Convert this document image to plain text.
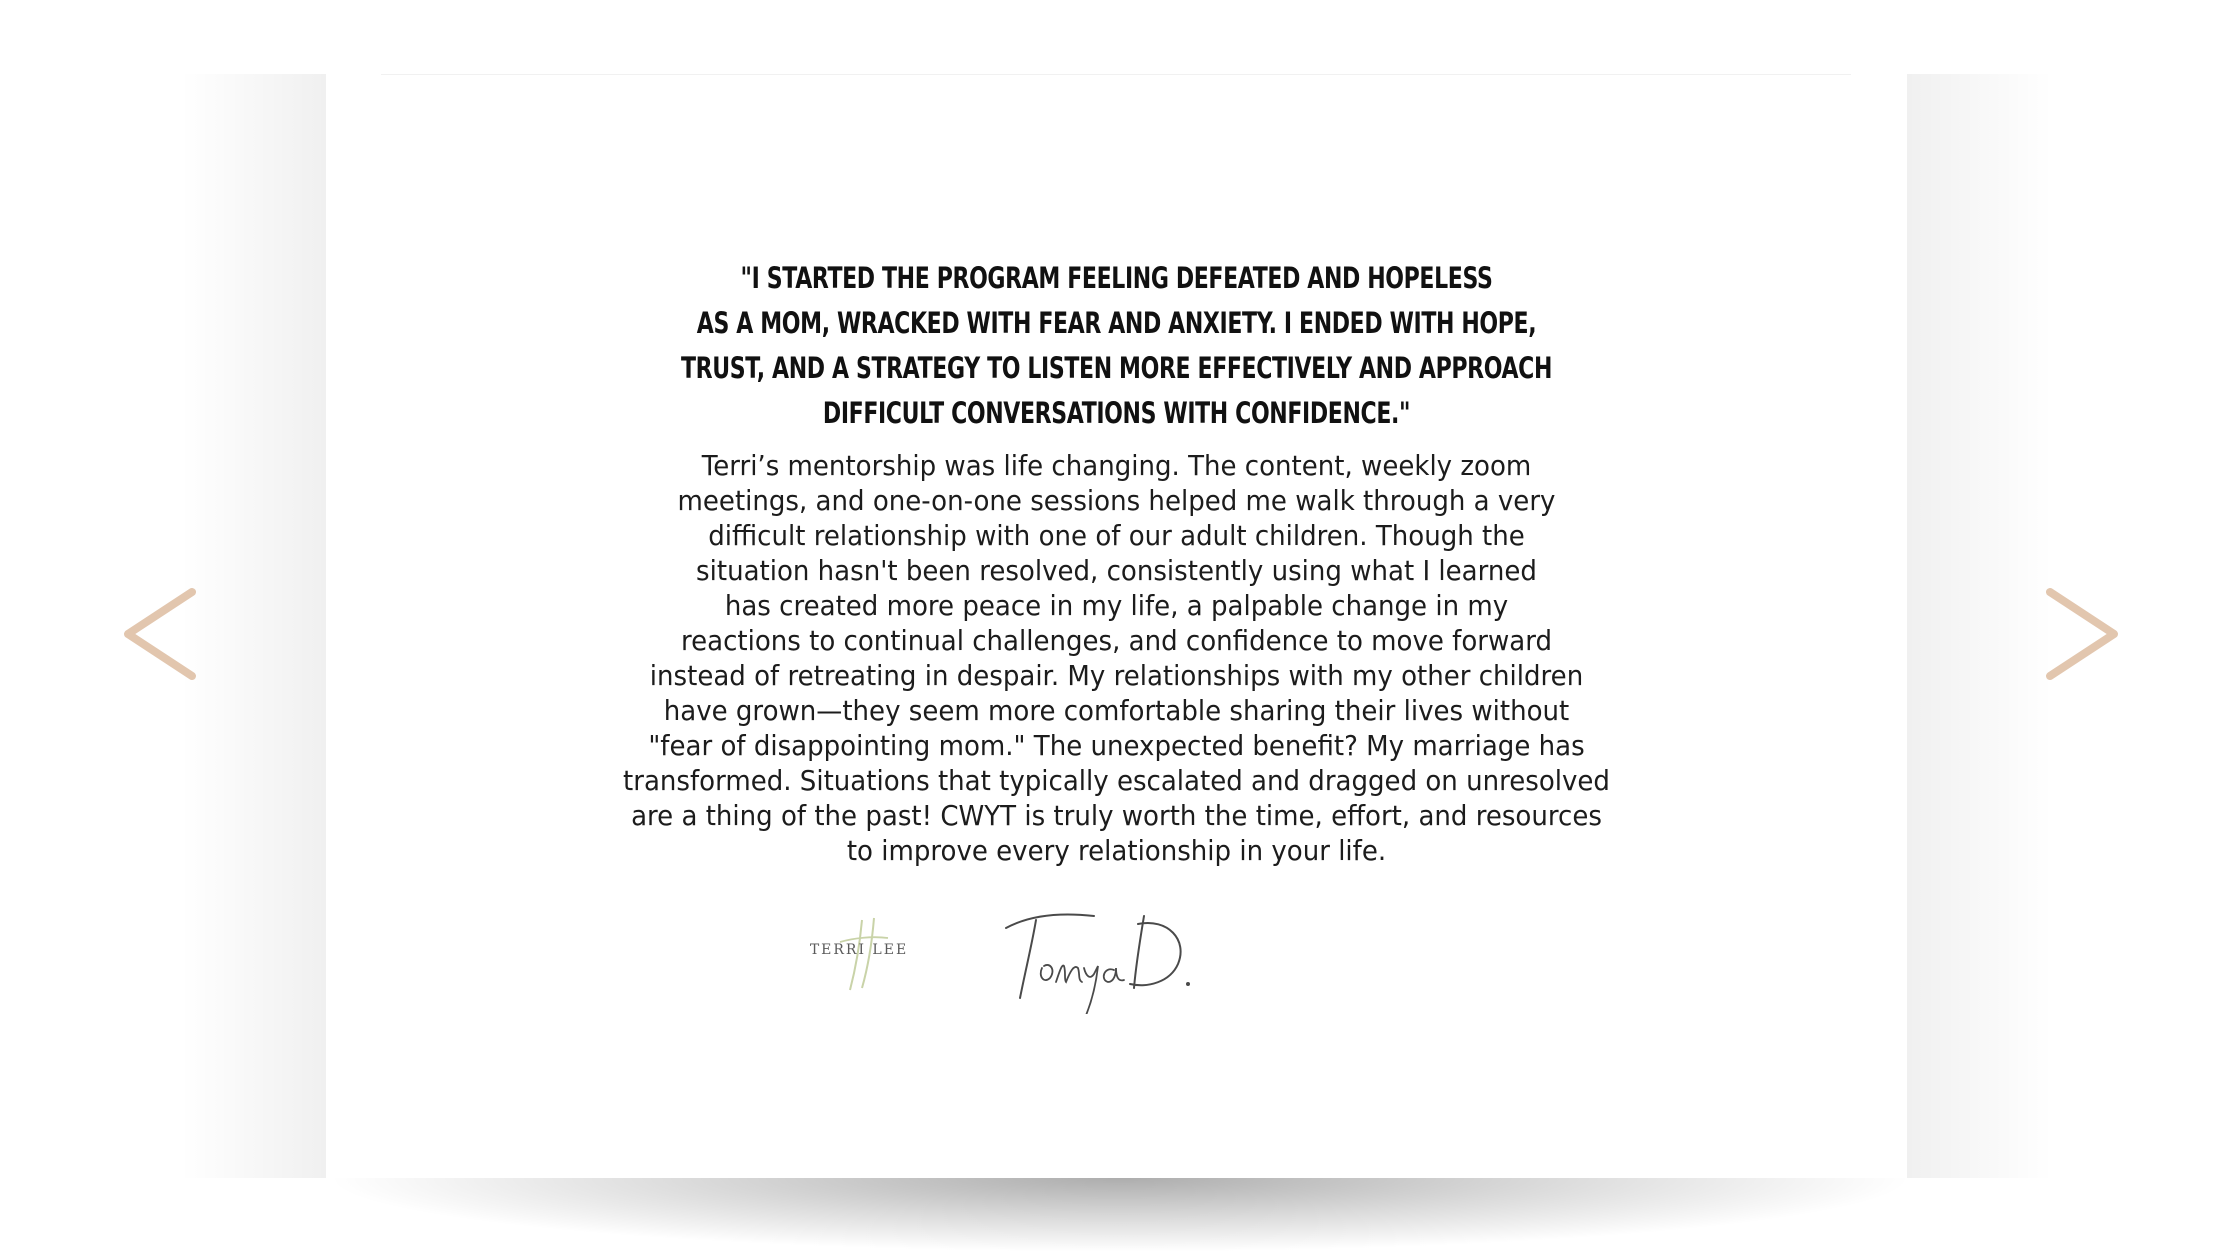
"I STARTED THE PROGRAM FEELING DEFEATED AND HOPELESS
AS A MOM, WRACKED WITH FEAR AND ANXIETY. I ENDED WITH HOPE,
TRUST, AND A STRATEGY TO LISTEN MORE EFFECTIVELY AND APPROACH
DIFFICULT CONVERSATIONS WITH CONFIDENCE."

Terri’s mentorship was life changing. The content, weekly zoom
meetings, and one-on-one sessions helped me walk through a very
difficult relationship with one of our adult children. Though the
situation hasn't been resolved, consistently using what I learned
has created more peace in my life, a palpable change in my
reactions to continual challenges, and confidence to move forward
instead of retreating in despair. My relationships with my other children
have grown—they seem more comfortable sharing their lives without
"fear of disappointing mom." The unexpected benefit? My marriage has
transformed. Situations that typically escalated and dragged on unresolved
are a thing of the past! CWYT is truly worth the time, effort, and resources
to improve every relationship in your life.

TERRI LEE
